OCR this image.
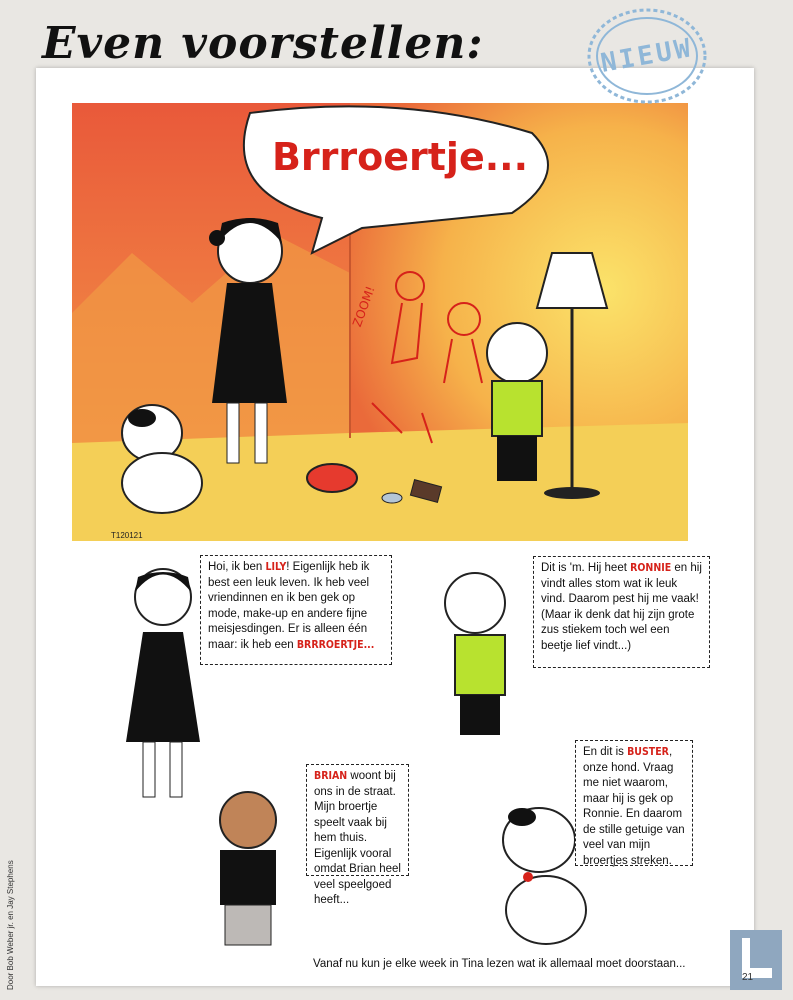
Even voorstellen:	NIEUW
ZOOM!
Brrroertje...
T120121
Hoi, ik ben LILY! Eigenlijk heb ik best een leuk leven. Ik heb veel vriendinnen en ik ben gek op mode, make-up en andere fijne meisjesdingen. Er is alleen één maar: ik heb een BRRROERTJE...
Dit is 'm. Hij heet RONNIE en hij vindt alles stom wat ik leuk vind. Daarom pest hij me vaak! (Maar ik denk dat hij zijn grote zus stiekem toch wel een beetje lief vindt...)
BRIAN woont bij ons in de straat. Mijn broertje speelt vaak bij hem thuis. Eigenlijk vooral omdat Brian heel veel speelgoed heeft...
En dit is BUSTER, onze hond. Vraag me niet waarom, maar hij is gek op Ronnie. En daarom de stille getuige van veel van mijn broertjes streken.
Door Bob Weber jr. en Jay Stephens	Vanaf nu kun je elke week in Tina lezen wat ik allemaal moet doorstaan...
21
